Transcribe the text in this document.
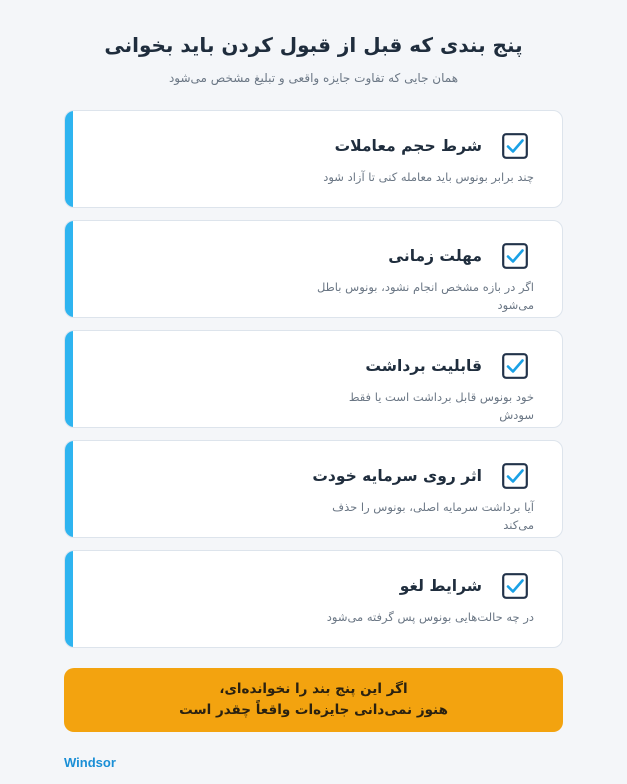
پنج بندی که قبل از قبول کردن باید بخوانی
همان جایی که تفاوت جایزه واقعی و تبلیغ مشخص می‌شود
شرط حجم معاملات
چند برابر بونوس باید معامله کنی تا آزاد شود
مهلت زمانی
اگر در بازه مشخص انجام نشود، بونوس باطل می‌شود
قابلیت برداشت
خود بونوس قابل برداشت است یا فقط سودش
اثر روی سرمایه خودت
آیا برداشت سرمایه اصلی، بونوس را حذف می‌کند
شرایط لغو
در چه حالت‌هایی بونوس پس گرفته می‌شود
اگر این پنج بند را نخوانده‌ای،
هنوز نمی‌دانی جایزه‌ات واقعاً چقدر است
Windsor
